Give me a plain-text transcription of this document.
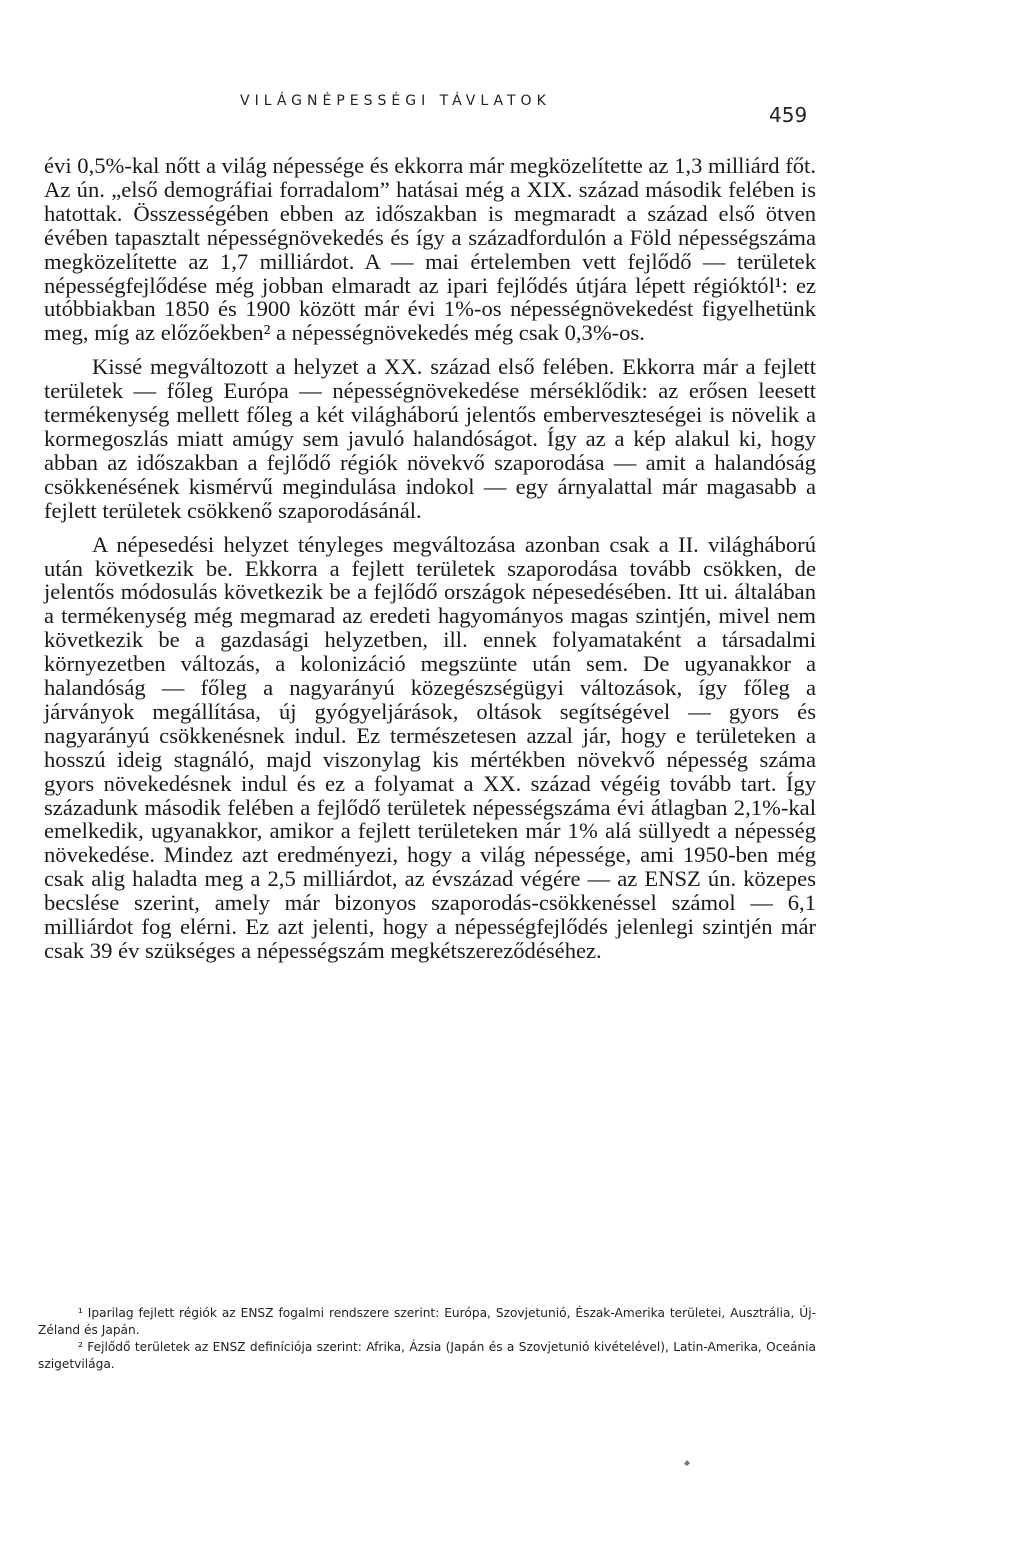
VILÁGNÉPESSÉGI TÁVLATOK
459

évi 0,5%-kal nőtt a világ népessége és ekkorra már megközelítette az 1,3 milliárd főt. Az ún. „első demográfiai forradalom” hatásai még a XIX. század második felében is hatottak. Összességében ebben az időszakban is megmaradt a század első ötven évében tapasztalt népességnövekedés és így a századfordulón a Föld népességszáma megközelítette az 1,7 milliárdot. A — mai értelemben vett fejlődő — területek népességfejlődése még jobban elmaradt az ipari fejlődés útjára lépett régióktól¹: ez utóbbiakban 1850 és 1900 között már évi 1%-os népességnövekedést figyelhetünk meg, míg az előzőekben² a népességnövekedés még csak 0,3%-os.

Kissé megváltozott a helyzet a XX. század első felében. Ekkorra már a fejlett területek — főleg Európa — népességnövekedése mérséklődik: az erősen leesett termékenység mellett főleg a két világháború jelentős emberveszteségei is növelik a kormegoszlás miatt amúgy sem javuló halandóságot. Így az a kép alakul ki, hogy abban az időszakban a fejlődő régiók növekvő szaporodása — amit a halandóság csökkenésének kismérvű megindulása indokol — egy árnyalattal már magasabb a fejlett területek csökkenő szaporodásánál.

A népesedési helyzet tényleges megváltozása azonban csak a II. világháború után következik be. Ekkorra a fejlett területek szaporodása tovább csökken, de jelentős módosulás következik be a fejlődő országok népesedésében. Itt ui. általában a termékenység még megmarad az eredeti hagyományos magas szintjén, mivel nem következik be a gazdasági helyzetben, ill. ennek folyamataként a társadalmi környezetben változás, a kolonizáció megszünte után sem. De ugyanakkor a halandóság — főleg a nagyarányú közegészségügyi változások, így főleg a járványok megállítása, új gyógyeljárások, oltások segítségével — gyors és nagyarányú csökkenésnek indul. Ez természetesen azzal jár, hogy e területeken a hosszú ideig stagnáló, majd viszonylag kis mértékben növekvő népesség száma gyors növekedésnek indul és ez a folyamat a XX. század végéig tovább tart. Így századunk második felében a fejlődő területek népességszáma évi átlagban 2,1%-kal emelkedik, ugyanakkor, amikor a fejlett területeken már 1% alá süllyedt a népesség növekedése. Mindez azt eredményezi, hogy a világ népessége, ami 1950-ben még csak alig haladta meg a 2,5 milliárdot, az évszázad végére — az ENSZ ún. közepes becslése szerint, amely már bizonyos szaporodás-csökkenéssel számol — 6,1 milliárdot fog elérni. Ez azt jelenti, hogy a népességfejlődés jelenlegi szintjén már csak 39 év szükséges a népességszám megkétszereződéséhez.

¹ Iparilag fejlett régiók az ENSZ fogalmi rendszere szerint: Európa, Szovjetunió, Észak-Amerika területei, Ausztrália, Új-Zéland és Japán.

² Fejlődő területek az ENSZ definíciója szerint: Afrika, Ázsia (Japán és a Szovjetunió kivételével), Latin-Amerika, Oceánia szigetvilága.
